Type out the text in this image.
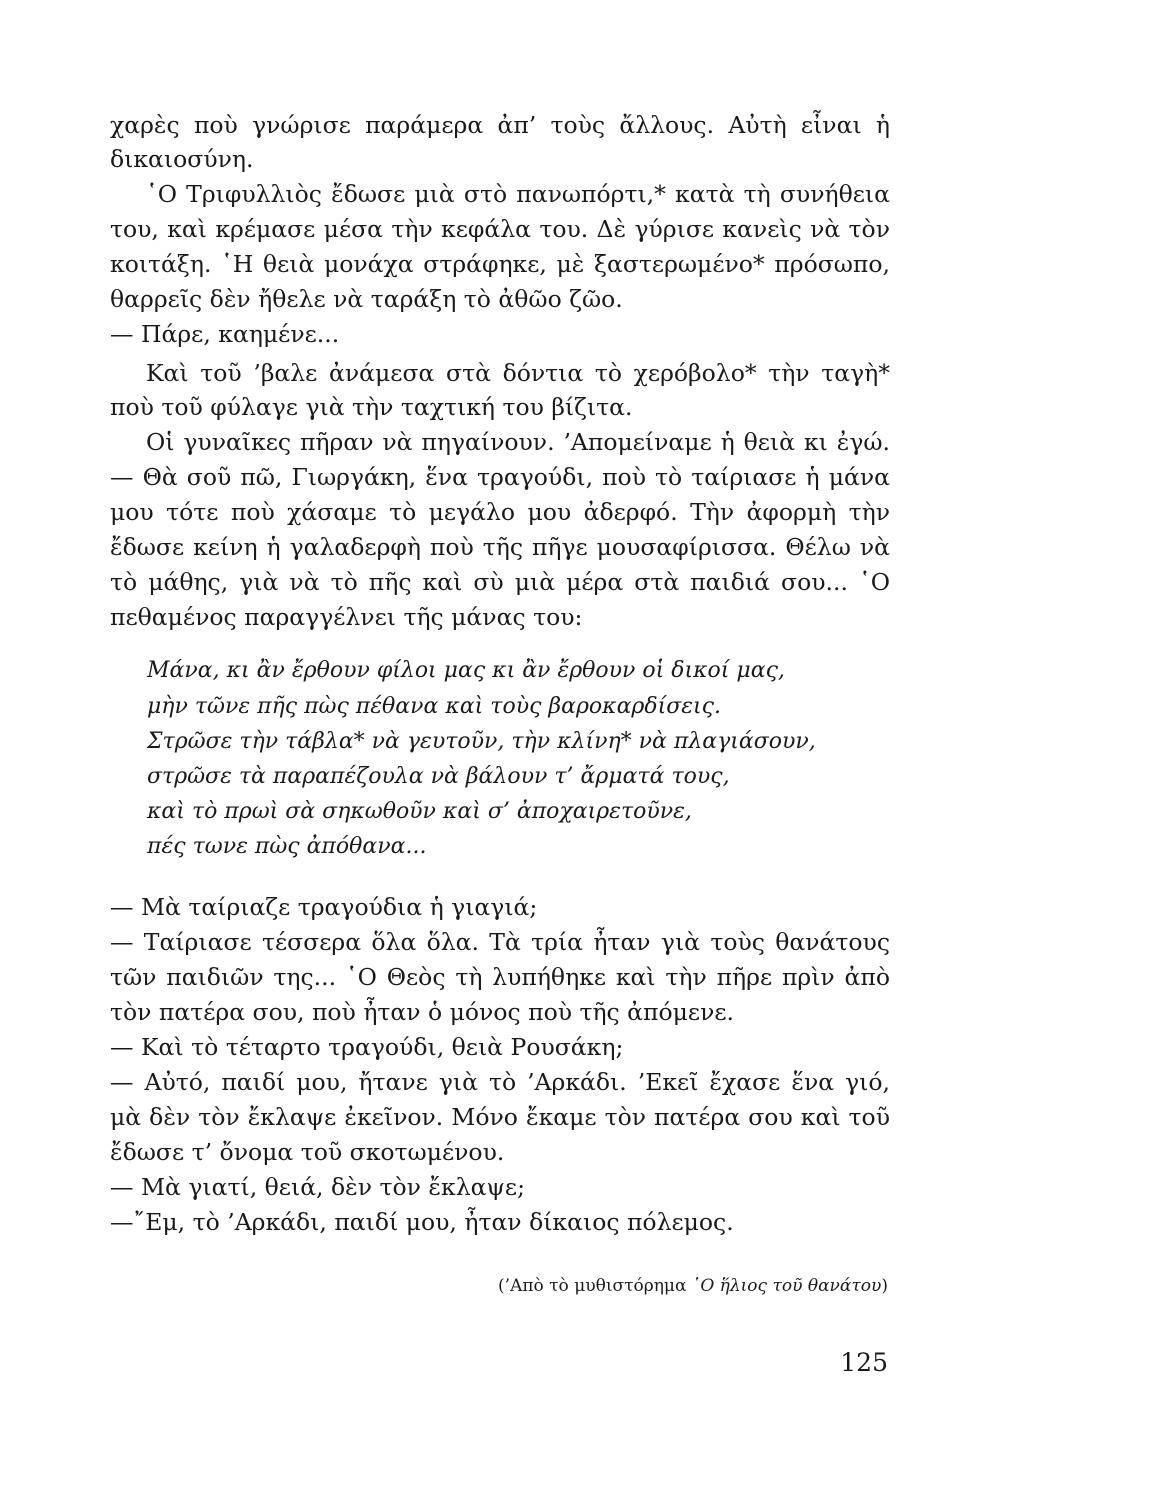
χαρὲς ποὺ γνώρισε παράμερα ἀπ’ τοὺς ἄλλους. Αὐτὴ εἶναι ἡ
δικαιοσύνη.
῾Ο Τριφυλλιὸς ἔδωσε μιὰ στὸ πανωπόρτι,* κατὰ τὴ συνήθεια
του, καὶ κρέμασε μέσα τὴν κεφάλα του. Δὲ γύρισε κανεὶς νὰ τὸν
κοιτάξη. ῾Η θειὰ μονάχα στράφηκε, μὲ ξαστερωμένο* πρόσωπο,
θαρρεῖς δὲν ἤθελε νὰ ταράξη τὸ ἀθῶο ζῶο.
— Πάρε, καημένε...
Καὶ τοῦ ’βαλε ἀνάμεσα στὰ δόντια τὸ χερόβολο* τὴν ταγὴ*
ποὺ τοῦ φύλαγε γιὰ τὴν ταχτική του βίζιτα.
Οἱ γυναῖκες πῆραν νὰ πηγαίνουν. ’Απομείναμε ἡ θειὰ κι ἐγώ.
— Θὰ σοῦ πῶ, Γιωργάκη, ἕνα τραγούδι, ποὺ τὸ ταίριασε ἡ μάνα
μου τότε ποὺ χάσαμε τὸ μεγάλο μου ἀδερφό. Τὴν ἀφορμὴ τὴν
ἔδωσε κείνη ἡ γαλαδερφὴ ποὺ τῆς πῆγε μουσαφίρισσα. Θέλω νὰ
τὸ μάθης, γιὰ νὰ τὸ πῆς καὶ σὺ μιὰ μέρα στὰ παιδιά σου... ῾Ο
πεθαμένος παραγγέλνει τῆς μάνας του:
Μάνα, κι ἂν ἔρθουν φίλοι μας κι ἂν ἔρθουν οἱ δικοί μας,
μὴν τῶνε πῆς πὼς πέθανα καὶ τοὺς βαροκαρδίσεις.
Στρῶσε τὴν τάβλα* νὰ γευτοῦν, τὴν κλίνη* νὰ πλαγιάσουν,
στρῶσε τὰ παραπέζουλα νὰ βάλουν τ’ ἄρματά τους,
καὶ τὸ πρωὶ σὰ σηκωθοῦν καὶ σ’ ἀποχαιρετοῦνε,
πές τωνε πὼς ἀπόθανα...
— Μὰ ταίριαζε τραγούδια ἡ γιαγιά;
— Ταίριασε τέσσερα ὅλα ὅλα. Τὰ τρία ἦταν γιὰ τοὺς θανάτους
τῶν παιδιῶν της... ῾Ο Θεὸς τὴ λυπήθηκε καὶ τὴν πῆρε πρὶν ἀπὸ
τὸν πατέρα σου, ποὺ ἦταν ὁ μόνος ποὺ τῆς ἀπόμενε.
— Καὶ τὸ τέταρτο τραγούδι, θειὰ Ρουσάκη;
— Αὐτό, παιδί μου, ἤτανε γιὰ τὸ ’Αρκάδι. ’Εκεῖ ἔχασε ἕνα γιό,
μὰ δὲν τὸν ἔκλαψε ἐκεῖνον. Μόνο ἔκαμε τὸν πατέρα σου καὶ τοῦ
ἔδωσε τ’ ὄνομα τοῦ σκοτωμένου.
— Μὰ γιατί, θειά, δὲν τὸν ἔκλαψε;
—῎Εμ, τὸ ’Αρκάδι, παιδί μου, ἦταν δίκαιος πόλεμος.
(’Απὸ τὸ μυθιστόρημα ῾Ο ἥλιος τοῦ θανάτου)
125
